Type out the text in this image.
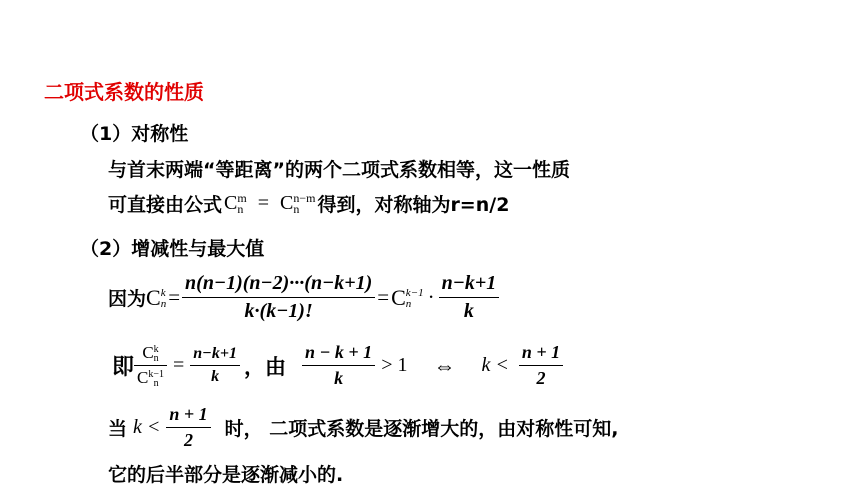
二项式系数的性质
（1）对称性
与首末两端“等距离”的两个二项式系数相等，这一性质
可直接由公式 C m
n = C n−m
n 得到，对称轴为r=n/2
（2）增减性与最大值
因为 C k
$n = \frac{n(n-1)(n-2)\cdot\cdot\cdot(n-k+1)}{k\cdot(k-1)!} = C$ k−1
$n \cdot \frac{n-k+1}{k}$
即 C k
n
C k−1
$n = \frac{n-k+1}{k}$ ，由 $\frac{n - k + 1}{k} > 1$ ⇔ $k < \frac{n + 1}{2}$
当 $k < \frac{n + 1}{2}$ 时， 二项式系数是逐渐增大的，由对称性可知,
它的后半部分是逐渐减小的.
